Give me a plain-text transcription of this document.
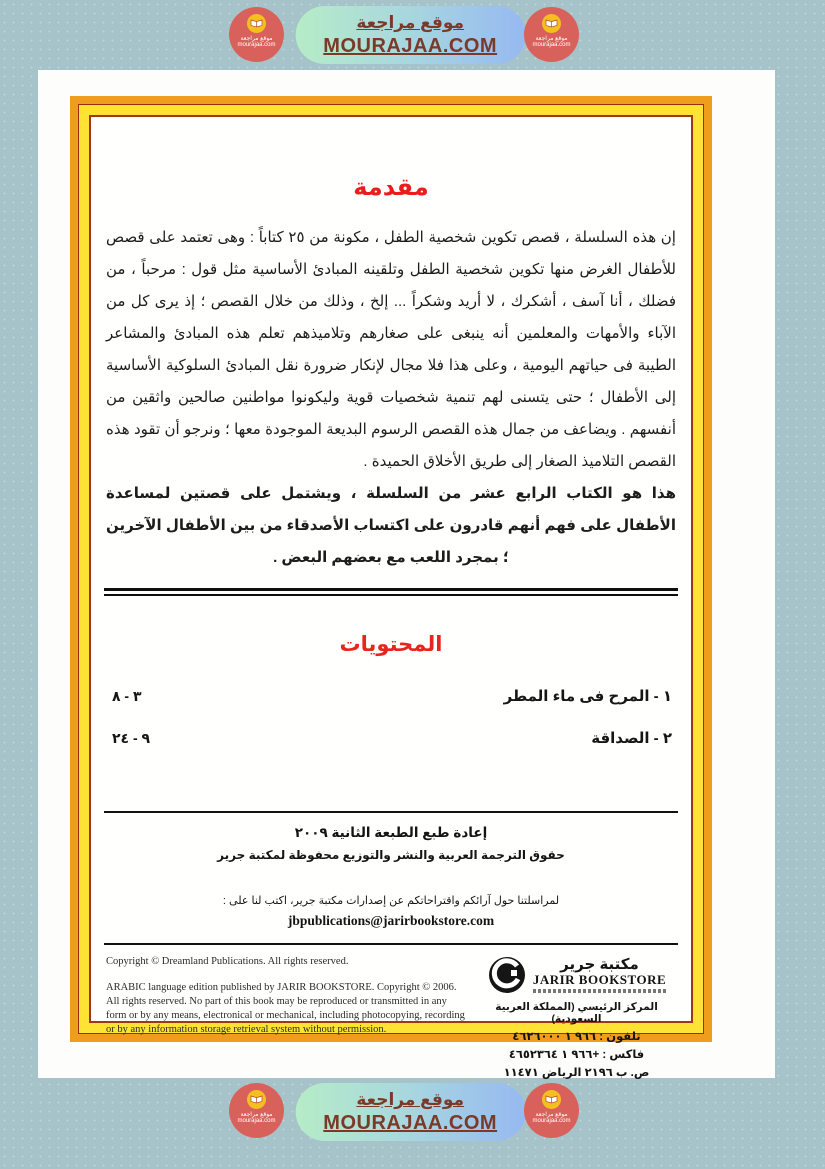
موقع مراجعة
mourajaa.com
موقع مراجعة
MOURAJAA.COM	موقع مراجعة
mourajaa.com
مقدمة

إن هذه السلسلة ، قصص تكوين شخصية الطفل ، مكونة من ٢٥ كتاباً : وهى تعتمد على قصص للأطفال الغرض منها تكوين شخصية الطفل وتلقينه المبادئ الأساسية مثل قول : مرحباً ، من فضلك ، أنا آسف ، أشكرك ، لا أريد وشكراً ... إلخ ، وذلك من خلال القصص ؛ إذ يرى كل من الآباء والأمهات والمعلمين أنه ينبغى على صغارهم وتلاميذهم تعلم هذه المبادئ والمشاعر الطيبة فى حياتهم اليومية ، وعلى هذا فلا مجال لإنكار ضرورة نقل المبادئ السلوكية الأساسية إلى الأطفال ؛ حتى يتسنى لهم تنمية شخصيات قوية وليكونوا مواطنين صالحين واثقين من أنفسهم . ويضاعف من جمال هذه القصص الرسوم البديعة الموجودة معها ؛ ونرجو أن تقود هذه القصص التلاميذ الصغار إلى طريق الأخلاق الحميدة .

هذا هو الكتاب الرابع عشر من السلسلة ، ويشتمل على قصتين لمساعدة الأطفال على فهم أنهم قادرون على اكتساب الأصدقاء من بين الأطفال الآخرين ؛ بمجرد اللعب مع بعضهم البعض .

المحتويات
١ - المرح فى ماء المطر
٣ - ٨
٢ - الصداقة
٩ - ٢٤
إعادة طبع الطبعة الثانية ٢٠٠٩
حقوق الترجمة العربية والنشر والتوزيع محفوظة لمكتبة جرير
لمراسلتنا حول آرائكم واقتراحاتكم عن إصدارات مكتبة جرير، اكتب لنا على :
jbpublications@jarirbookstore.com
Copyright © Dreamland Publications. All rights reserved.
ARABIC language edition published by JARIR BOOKSTORE. Copyright © 2006. All rights reserved. No part of this book may be reproduced or transmitted in any form or by any means, electronical or mechanical, including photocopying, recording or by any information storage retrieval system without permission.
مكتبة جرير
JARIR BOOKSTORE
المركز الرئيسي (المملكة العربية السعودية)
تلفون : ٩٦٦ ١ ٤٦٢٦٠٠٠
فاكس : +٩٦٦ ١ ٤٦٥٢٣٦٤
ص. ب ٢١٩٦ الرياض ١١٤٧١
موقع مراجعة
mourajaa.com
موقع مراجعة
MOURAJAA.COM	موقع مراجعة
mourajaa.com
